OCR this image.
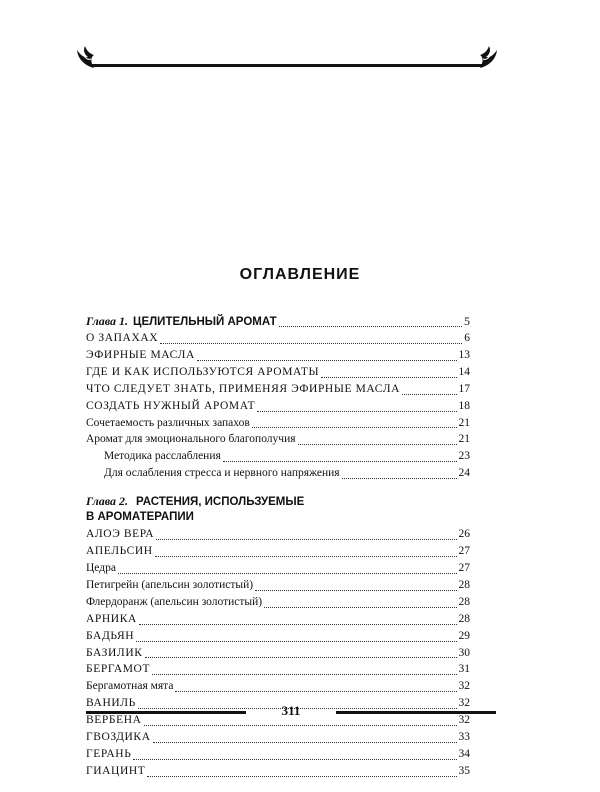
ОГЛАВЛЕНИЕ
Глава 1. ЦЕЛИТЕЛЬНЫЙ АРОМАТ	5
О ЗАПАХАХ	6
ЭФИРНЫЕ МАСЛА	13
ГДЕ И КАК ИСПОЛЬЗУЮТСЯ АРОМАТЫ	14
ЧТО СЛЕДУЕТ ЗНАТЬ, ПРИМЕНЯЯ ЭФИРНЫЕ МАСЛА	17
СОЗДАТЬ НУЖНЫЙ АРОМАТ	18
Сочетаемость различных запахов	21
Аромат для эмоционального благополучия	21
Методика расслабления	23
Для ослабления стресса и нервного напряжения	24
Глава 2. РАСТЕНИЯ, ИСПОЛЬЗУЕМЫЕ
В АРОМАТЕРАПИИ
АЛОЭ ВЕРА	26
АПЕЛЬСИН	27
Цедра	27
Петигрейн (апельсин золотистый)	28
Флердоранж (апельсин золотистый)	28
АРНИКА	28
БАДЬЯН	29
БАЗИЛИК	30
БЕРГАМОТ	31
Бергамотная мята	32
ВАНИЛЬ	32
ВЕРБЕНА	32
ГВОЗДИКА	33
ГЕРАНЬ	34
ГИАЦИНТ	35
311
